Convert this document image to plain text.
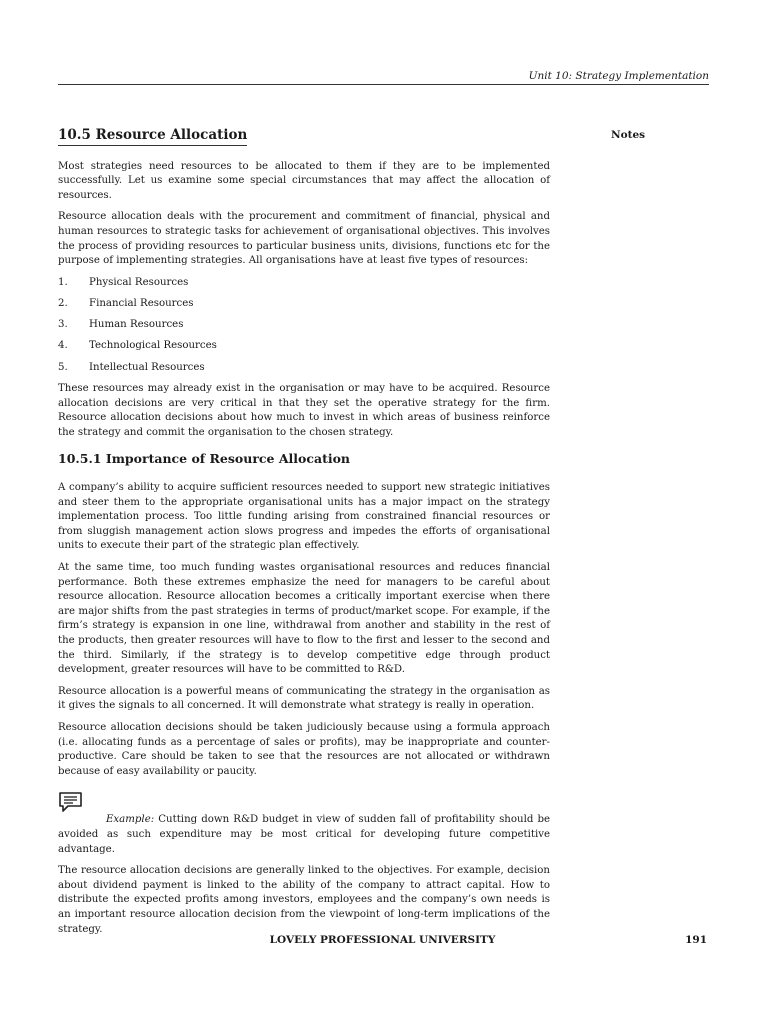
Unit 10: Strategy Implementation
Notes
10.5 Resource Allocation

Most strategies need resources to be allocated to them if they are to be implemented successfully. Let us examine some special circumstances that may affect the allocation of resources.

Resource allocation deals with the procurement and commitment of financial, physical and human resources to strategic tasks for achievement of organisational objectives. This involves the process of providing resources to particular business units, divisions, functions etc for the purpose of implementing strategies. All organisations have at least five types of resources:

1.	Physical Resources
2.	Financial Resources
3.	Human Resources
4.	Technological Resources
5.	Intellectual Resources

These resources may already exist in the organisation or may have to be acquired. Resource allocation decisions are very critical in that they set the operative strategy for the firm. Resource allocation decisions about how much to invest in which areas of business reinforce the strategy and commit the organisation to the chosen strategy.

10.5.1 Importance of Resource Allocation

A company’s ability to acquire sufficient resources needed to support new strategic initiatives and steer them to the appropriate organisational units has a major impact on the strategy implementation process. Too little funding arising from constrained financial resources or from sluggish management action slows progress and impedes the efforts of organisational units to execute their part of the strategic plan effectively.

At the same time, too much funding wastes organisational resources and reduces financial performance. Both these extremes emphasize the need for managers to be careful about resource allocation. Resource allocation becomes a critically important exercise when there are major shifts from the past strategies in terms of product/market scope. For example, if the firm’s strategy is expansion in one line, withdrawal from another and stability in the rest of the products, then greater resources will have to flow to the first and lesser to the second and the third. Similarly, if the strategy is to develop competitive edge through product development, greater resources will have to be committed to R&D.

Resource allocation is a powerful means of communicating the strategy in the organisation as it gives the signals to all concerned. It will demonstrate what strategy is really in operation.

Resource allocation decisions should be taken judiciously because using a formula approach (i.e. allocating funds as a percentage of sales or profits), may be inappropriate and counter-productive. Care should be taken to see that the resources are not allocated or withdrawn because of easy availability or paucity.

Example: Cutting down R&D budget in view of sudden fall of profitability should be avoided as such expenditure may be most critical for developing future competitive advantage.

The resource allocation decisions are generally linked to the objectives. For example, decision about dividend payment is linked to the ability of the company to attract capital. How to distribute the expected profits among investors, employees and the company’s own needs is an important resource allocation decision from the viewpoint of long-term implications of the strategy.

LOVELY PROFESSIONAL UNIVERSITY	191
